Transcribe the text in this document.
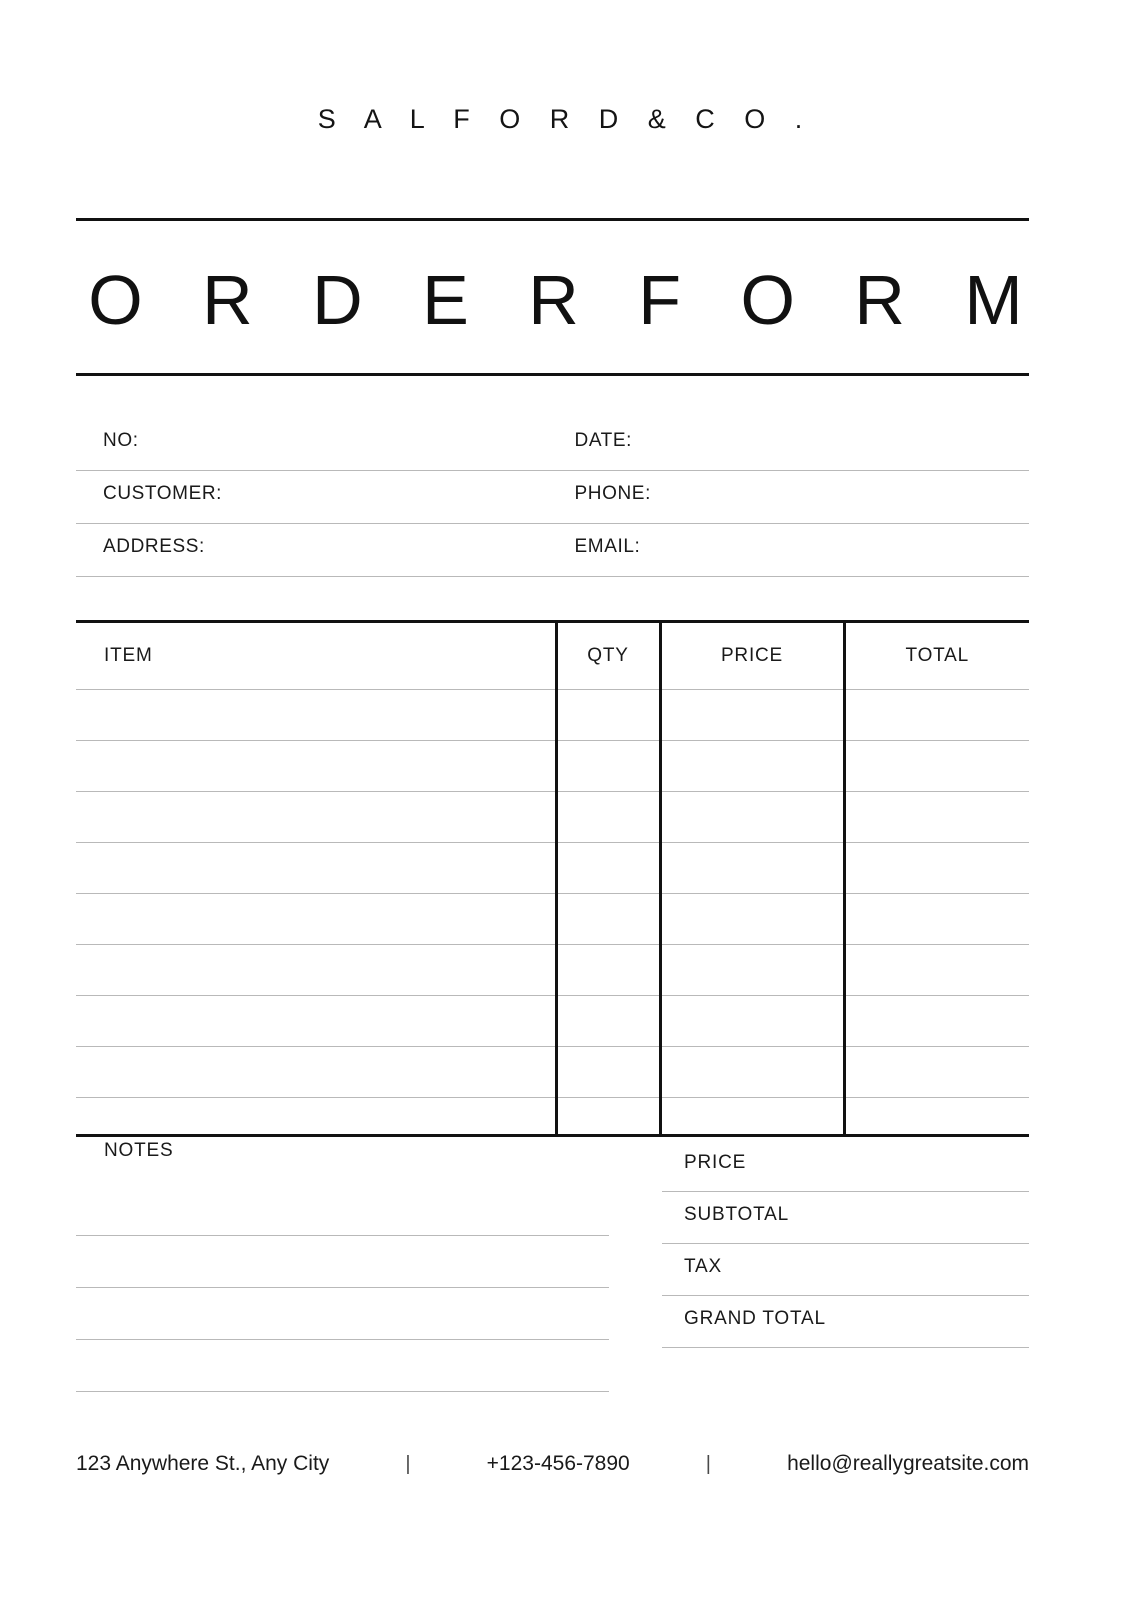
S A L F O R D & C O .
O R D E R F O R M
NO:	DATE:
CUSTOMER:	PHONE:
ADDRESS:	EMAIL:
ITEM	QTY	PRICE	TOTAL

NOTES
PRICE
SUBTOTAL
TAX
GRAND TOTAL
123 Anywhere St., Any City	|	+123-456-7890	|	hello@reallygreatsite.com
